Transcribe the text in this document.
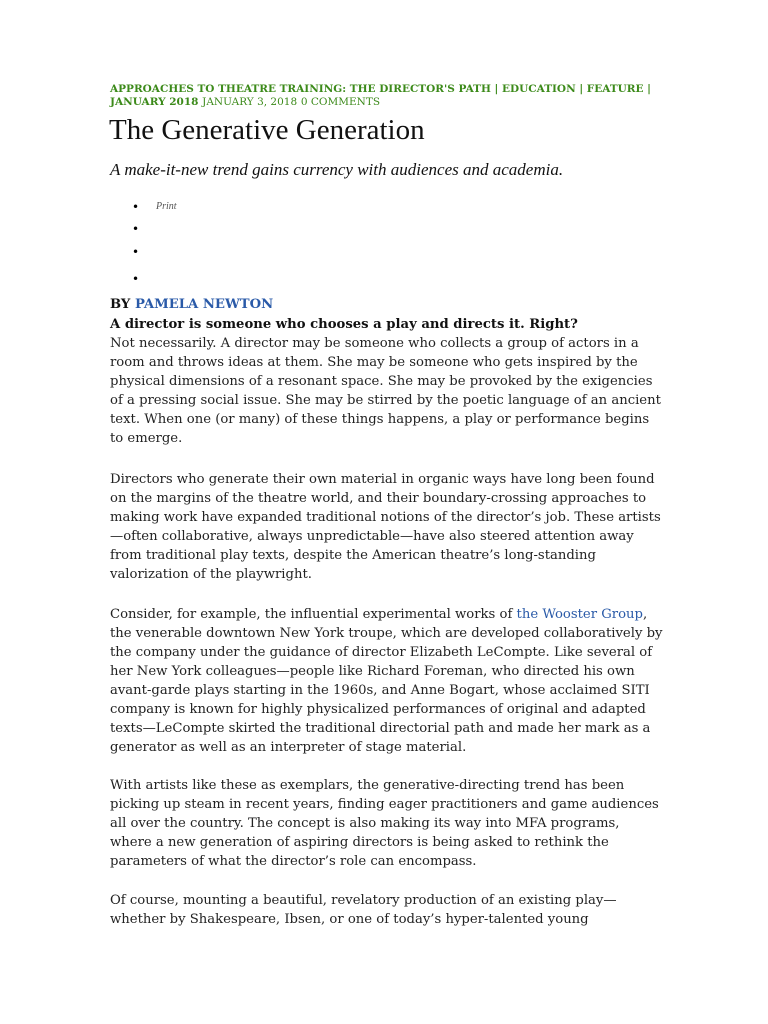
APPROACHES TO THEATRE TRAINING: THE DIRECTOR'S PATH | EDUCATION | FEATURE | JANUARY 2018 JANUARY 3, 2018 0 COMMENTS
The Generative Generation
A make-it-new trend gains currency with audiences and academia.
• Print
•
•
•
BY PAMELA NEWTON
A director is someone who chooses a play and directs it. Right?

Not necessarily. A director may be someone who collects a group of actors in a room and throws ideas at them. She may be someone who gets inspired by the physical dimensions of a resonant space. She may be provoked by the exigencies of a pressing social issue. She may be stirred by the poetic language of an ancient text. When one (or many) of these things happens, a play or performance begins to emerge.

Directors who generate their own material in organic ways have long been found on the margins of the theatre world, and their boundary-crossing approaches to making work have expanded traditional notions of the director’s job. These artists—often collaborative, always unpredictable—have also steered attention away from traditional play texts, despite the American theatre’s long-standing valorization of the playwright.

Consider, for example, the influential experimental works of the Wooster Group, the venerable downtown New York troupe, which are developed collaboratively by the company under the guidance of director Elizabeth LeCompte. Like several of her New York colleagues—people like Richard Foreman, who directed his own avant-garde plays starting in the 1960s, and Anne Bogart, whose acclaimed SITI company is known for highly physicalized performances of original and adapted texts—LeCompte skirted the traditional directorial path and made her mark as a generator as well as an interpreter of stage material.

With artists like these as exemplars, the generative-directing trend has been picking up steam in recent years, finding eager practitioners and game audiences all over the country. The concept is also making its way into MFA programs, where a new generation of aspiring directors is being asked to rethink the parameters of what the director’s role can encompass.

Of course, mounting a beautiful, revelatory production of an existing play—whether by Shakespeare, Ibsen, or one of today’s hyper-talented young
